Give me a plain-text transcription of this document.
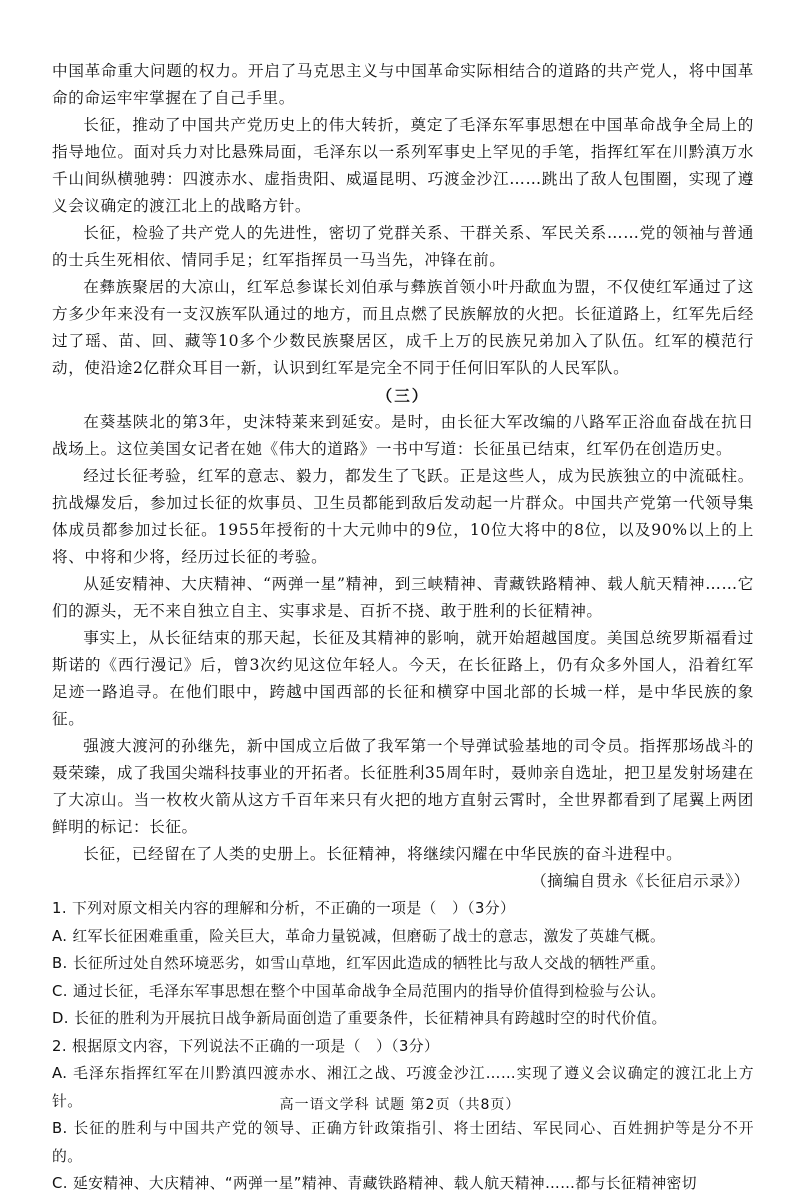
中国革命重大问题的权力。开启了马克思主义与中国革命实际相结合的道路的共产党人，将中国革命的命运牢牢掌握在了自己手里。

长征，推动了中国共产党历史上的伟大转折，奠定了毛泽东军事思想在中国革命战争全局上的指导地位。面对兵力对比悬殊局面，毛泽东以一系列军事史上罕见的手笔，指挥红军在川黔滇万水千山间纵横驰骋：四渡赤水、虚指贵阳、威逼昆明、巧渡金沙江……跳出了敌人包围圈，实现了遵义会议确定的渡江北上的战略方针。

长征，检验了共产党人的先进性，密切了党群关系、干群关系、军民关系……党的领袖与普通的士兵生死相依、情同手足；红军指挥员一马当先，冲锋在前。

在彝族聚居的大凉山，红军总参谋长刘伯承与彝族首领小叶丹歃血为盟，不仅使红军通过了这方多少年来没有一支汉族军队通过的地方，而且点燃了民族解放的火把。长征道路上，红军先后经过了瑶、苗、回、藏等10多个少数民族聚居区，成千上万的民族兄弟加入了队伍。红军的模范行动，使沿途2亿群众耳目一新，认识到红军是完全不同于任何旧军队的人民军队。

（三）

在葵基陕北的第3年，史沫特莱来到延安。是时，由长征大军改编的八路军正浴血奋战在抗日战场上。这位美国女记者在她《伟大的道路》一书中写道：长征虽已结束，红军仍在创造历史。

经过长征考验，红军的意志、毅力，都发生了飞跃。正是这些人，成为民族独立的中流砥柱。抗战爆发后，参加过长征的炊事员、卫生员都能到敌后发动起一片群众。中国共产党第一代领导集体成员都参加过长征。1955年授衔的十大元帅中的9位，10位大将中的8位，以及90%以上的上将、中将和少将，经历过长征的考验。

从延安精神、大庆精神、“两弹一星”精神，到三峡精神、青藏铁路精神、载人航天精神……它们的源头，无不来自独立自主、实事求是、百折不挠、敢于胜利的长征精神。

事实上，从长征结束的那天起，长征及其精神的影响，就开始超越国度。美国总统罗斯福看过斯诺的《西行漫记》后，曾3次约见这位年轻人。今天，在长征路上，仍有众多外国人，沿着红军足迹一路追寻。在他们眼中，跨越中国西部的长征和横穿中国北部的长城一样，是中华民族的象征。

强渡大渡河的孙继先，新中国成立后做了我军第一个导弹试验基地的司令员。指挥那场战斗的聂荣臻，成了我国尖端科技事业的开拓者。长征胜利35周年时，聂帅亲自选址，把卫星发射场建在了大凉山。当一枚枚火箭从这方千百年来只有火把的地方直射云霄时，全世界都看到了尾翼上两团鲜明的标记：长征。

长征，已经留在了人类的史册上。长征精神，将继续闪耀在中华民族的奋斗进程中。

（摘编自贯永《长征启示录》）

1. 下列对原文相关内容的理解和分析，不正确的一项是（　）（3分）

A. 红军长征困难重重，险关巨大，革命力量锐减，但磨砺了战士的意志，激发了英雄气概。

B. 长征所过处自然环境恶劣，如雪山草地，红军因此造成的牺牲比与敌人交战的牺牲严重。

C. 通过长征，毛泽东军事思想在整个中国革命战争全局范围内的指导价值得到检验与公认。

D. 长征的胜利为开展抗日战争新局面创造了重要条件，长征精神具有跨越时空的时代价值。

2. 根据原文内容，下列说法不正确的一项是（　）（3分）

A. 毛泽东指挥红军在川黔滇四渡赤水、湘江之战、巧渡金沙江……实现了遵义会议确定的渡江北上方针。

B. 长征的胜利与中国共产党的领导、正确方针政策指引、将士团结、军民同心、百姓拥护等是分不开的。

C. 延安精神、大庆精神、“两弹一星”精神、青藏铁路精神、载人航天精神……都与长征精神密切

高一语文学科 试题 第2页（共8页）
